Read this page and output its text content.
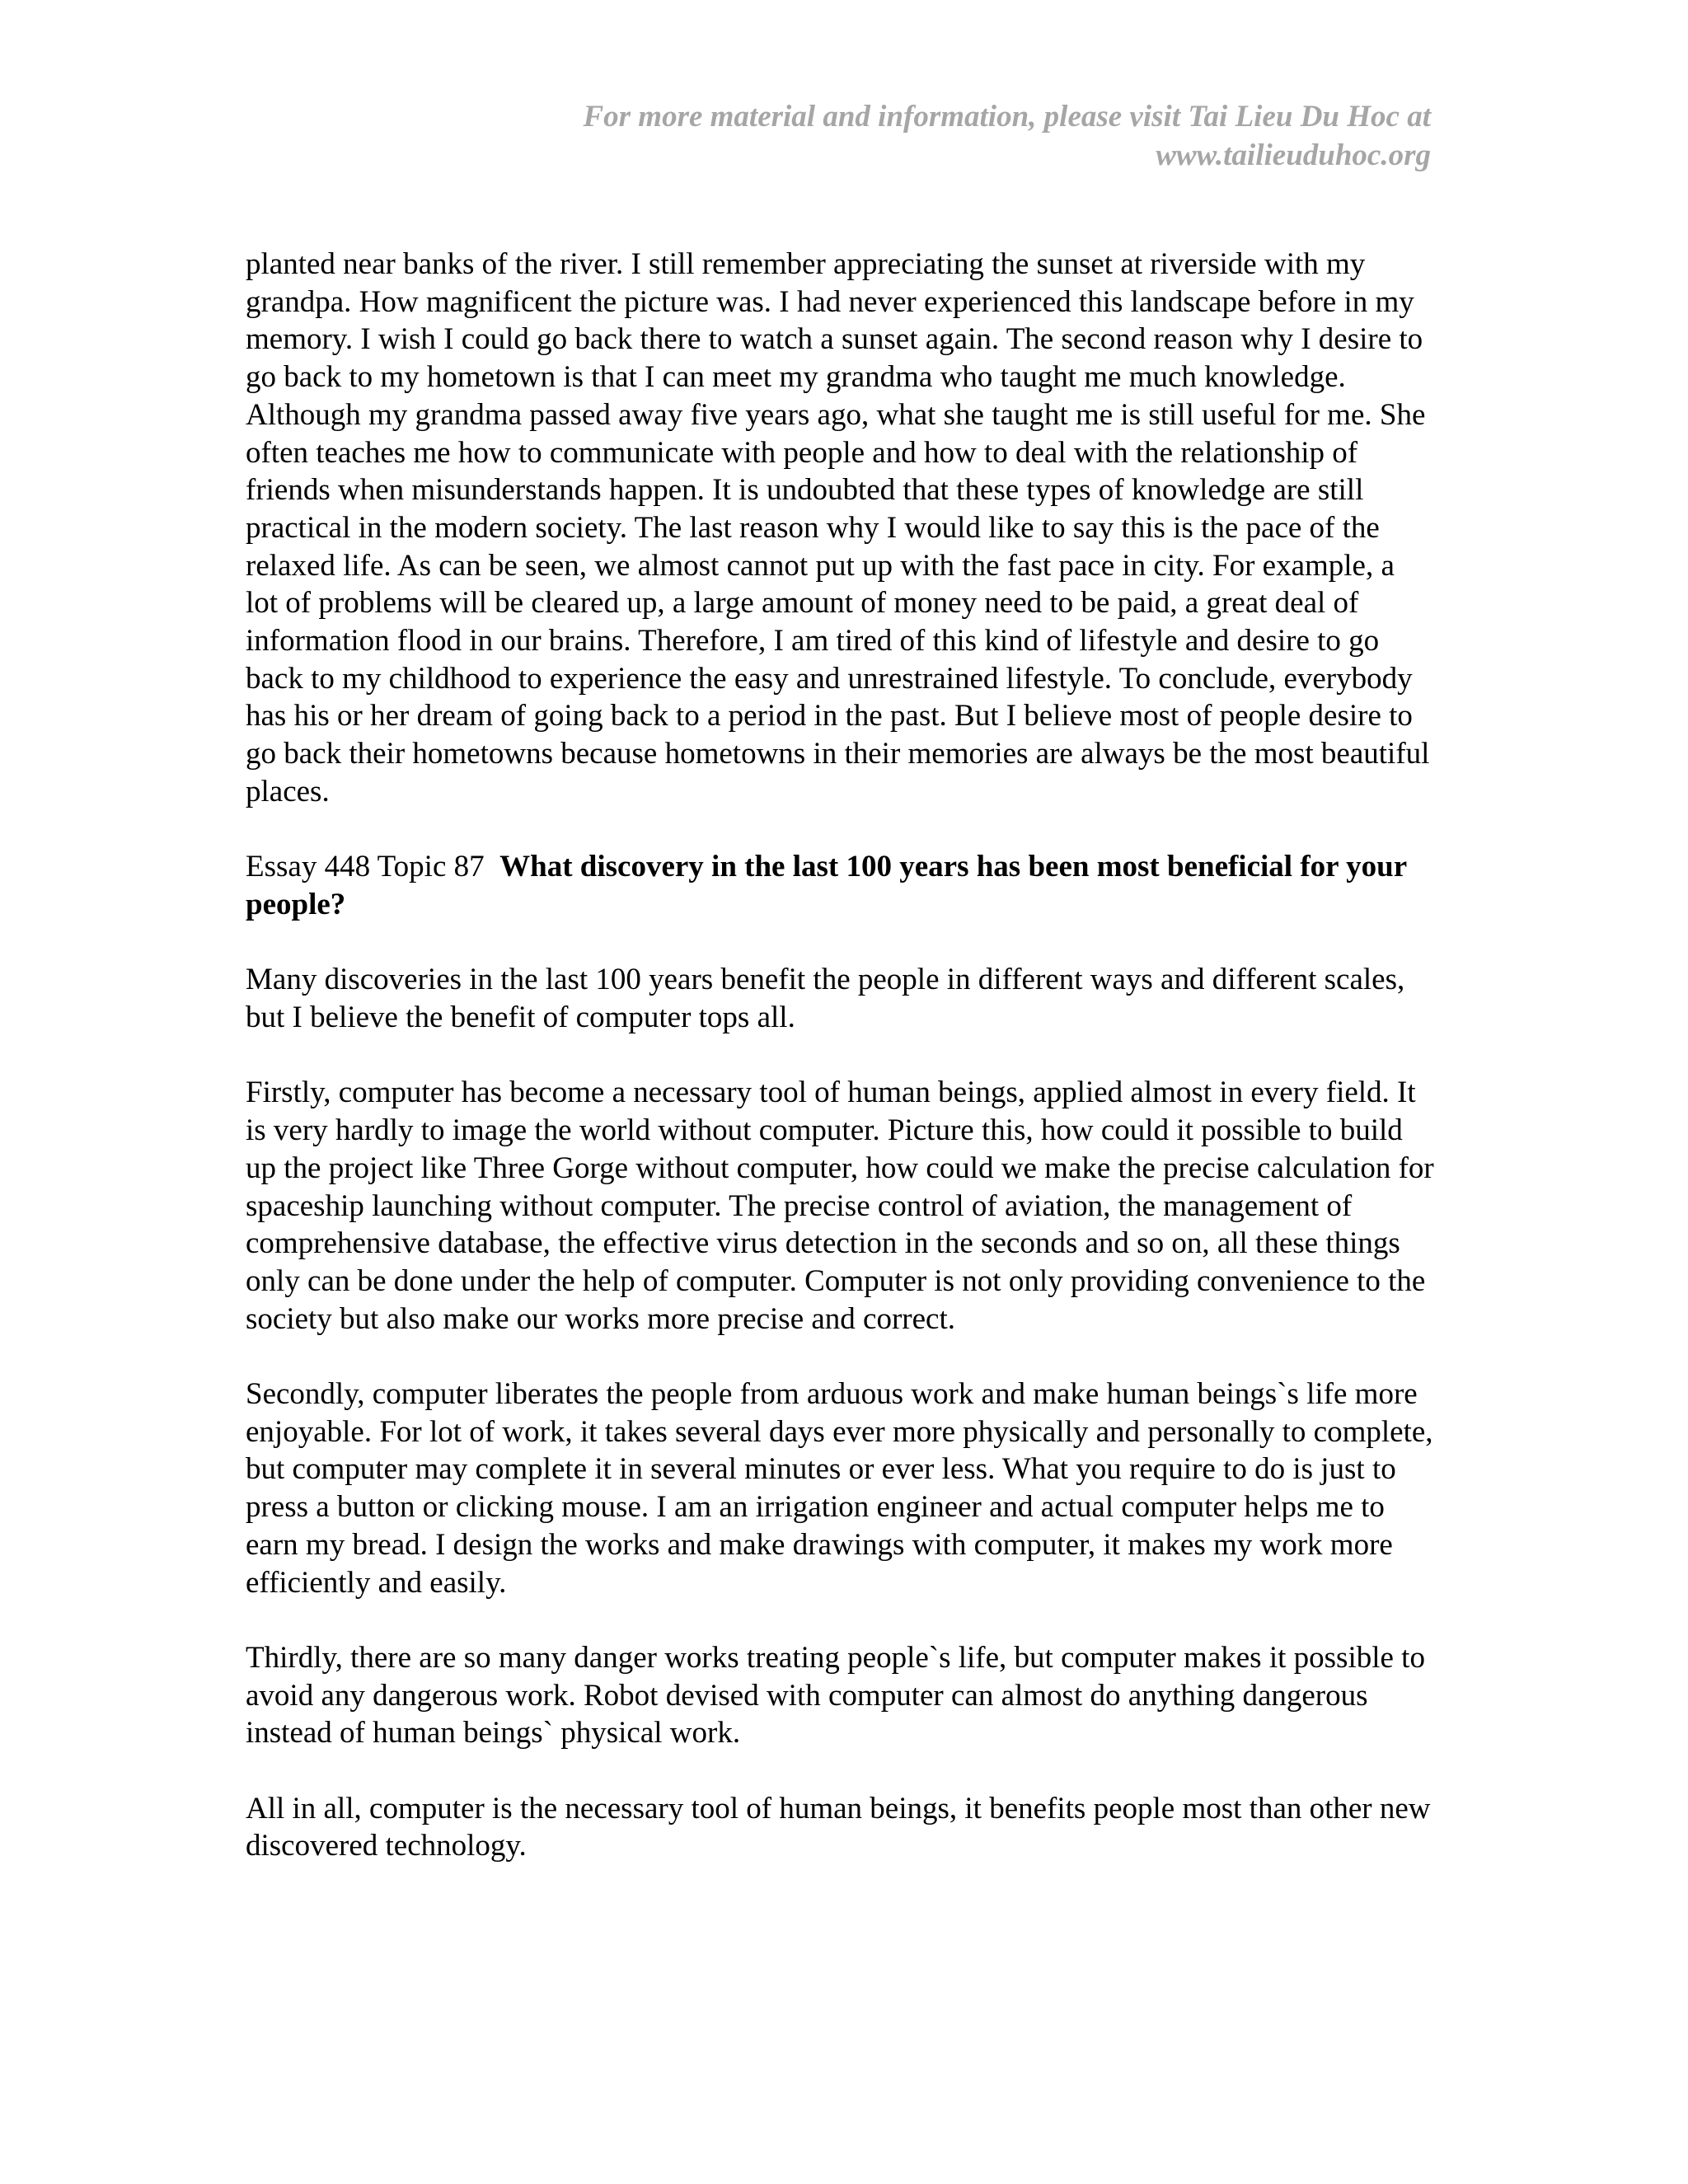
For more material and information, please visit Tai Lieu Du Hoc at
www.tailieuduhoc.org

planted near banks of the river. I still remember appreciating the sunset at riverside with my grandpa. How magnificent the picture was. I had never experienced this landscape before in my memory. I wish I could go back there to watch a sunset again. The second reason why I desire to go back to my hometown is that I can meet my grandma who taught me much knowledge. Although my grandma passed away five years ago, what she taught me is still useful for me. She often teaches me how to communicate with people and how to deal with the relationship of friends when misunderstands happen. It is undoubted that these types of knowledge are still practical in the modern society. The last reason why I would like to say this is the pace of the relaxed life. As can be seen, we almost cannot put up with the fast pace in city. For example, a lot of problems will be cleared up, a large amount of money need to be paid, a great deal of information flood in our brains. Therefore, I am tired of this kind of lifestyle and desire to go back to my childhood to experience the easy and unrestrained lifestyle. To conclude, everybody has his or her dream of going back to a period in the past. But I believe most of people desire to go back their hometowns because hometowns in their memories are always be the most beautiful places.

Essay 448 Topic 87 What discovery in the last 100 years has been most beneficial for your people?

Many discoveries in the last 100 years benefit the people in different ways and different scales, but I believe the benefit of computer tops all.

Firstly, computer has become a necessary tool of human beings, applied almost in every field. It is very hardly to image the world without computer. Picture this, how could it possible to build up the project like Three Gorge without computer, how could we make the precise calculation for spaceship launching without computer. The precise control of aviation, the management of comprehensive database, the effective virus detection in the seconds and so on, all these things only can be done under the help of computer. Computer is not only providing convenience to the society but also make our works more precise and correct.

Secondly, computer liberates the people from arduous work and make human beings`s life more enjoyable. For lot of work, it takes several days ever more physically and personally to complete, but computer may complete it in several minutes or ever less. What you require to do is just to press a button or clicking mouse. I am an irrigation engineer and actual computer helps me to earn my bread. I design the works and make drawings with computer, it makes my work more efficiently and easily.

Thirdly, there are so many danger works treating people`s life, but computer makes it possible to avoid any dangerous work. Robot devised with computer can almost do anything dangerous instead of human beings` physical work.

All in all, computer is the necessary tool of human beings, it benefits people most than other new discovered technology.
